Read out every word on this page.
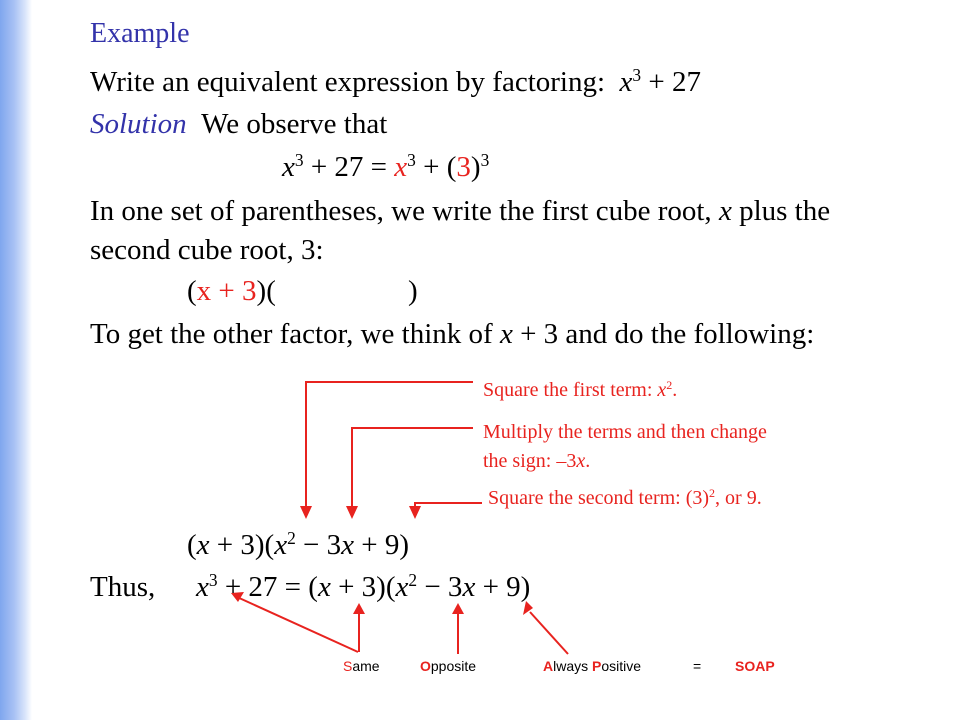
Example
Write an equivalent expression by factoring: $x^3 + 27$
Solution We observe that
$x^3 + 27 = x^3 + (3)^3$
In one set of parentheses, we write the first cube root, x plus the
second cube root, 3:
(x + 3)(	)
To get the other factor, we think of x + 3 and do the following:
Square the first term: $x^2$.
Multiply the terms and then change
the sign: –3x.
Square the second term: $(3)^2$, or 9.
$(x + 3)(x^2 - 3x + 9)$
Thus, $x^3 + 27 = (x + 3)(x^2 - 3x + 9)$
Same	Opposite	Always Positive	= SOAP
